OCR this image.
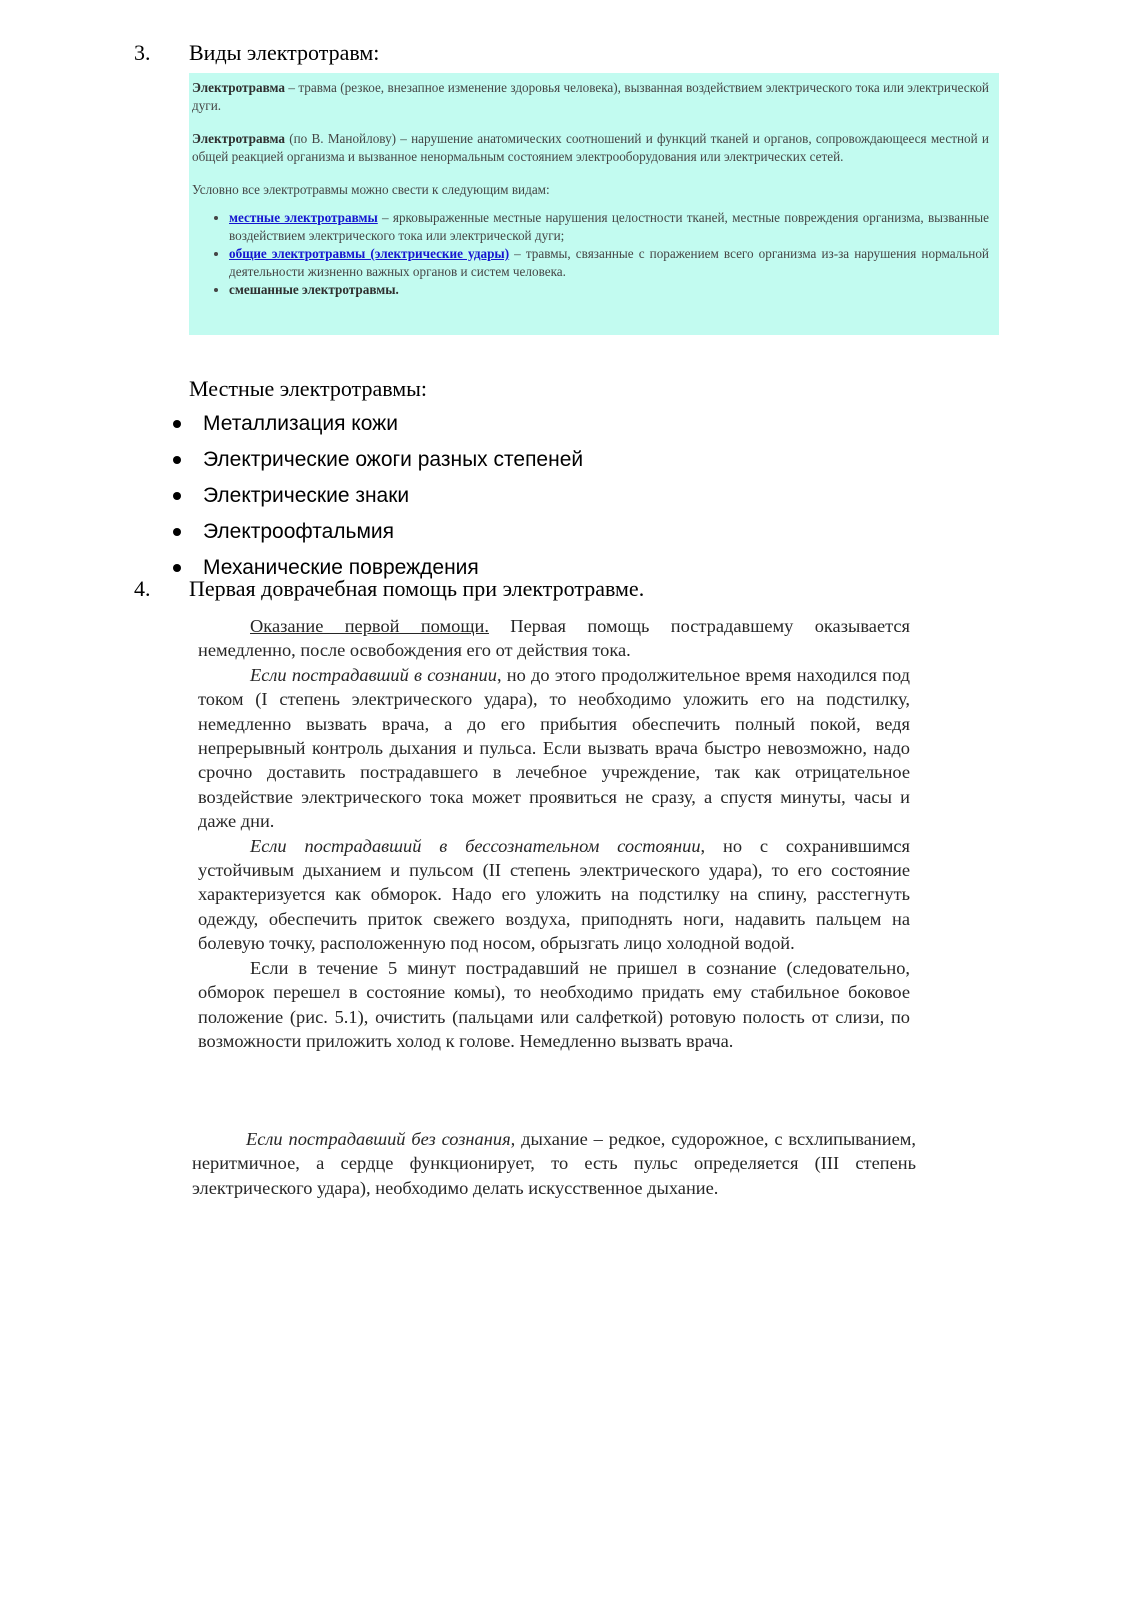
3. Виды электротравм:

Электротравма – травма (резкое, внезапное изменение здоровья человека), вызванная воздействием электрического тока или электрической дуги.

Электротравма (по В. Манойлову) – нарушение анатомических соотношений и функций тканей и органов, сопровождающееся местной и общей реакцией организма и вызванное ненормальным состоянием электрооборудования или электрических сетей.

Условно все электротравмы можно свести к следующим видам:

• местные электротравмы – ярковыраженные местные нарушения целостности тканей, местные повреждения организма, вызванные воздействием электрического тока или электрической дуги;
• общие электротравмы (электрические удары) – травмы, связанные с поражением всего организма из-за нарушения нормальной деятельности жизненно важных органов и систем человека.
• смешанные электротравмы.
Местные электротравмы:
Металлизация кожи
Электрические ожоги разных степеней
Электрические знаки
Электроофтальмия
Механические повреждения
4. Первая доврачебная помощь при электротравме.

Оказание первой помощи. Первая помощь пострадавшему оказывается немедленно, после освобождения его от действия тока.

Если пострадавший в сознании, но до этого продолжительное время находился под током (I степень электрического удара), то необходимо уложить его на подстилку, немедленно вызвать врача, а до его прибытия обеспечить полный покой, ведя непрерывный контроль дыхания и пульса. Если вызвать врача быстро невозможно, надо срочно доставить пострадавшего в лечебное учреждение, так как отрицательное воздействие электрического тока может проявиться не сразу, а спустя минуты, часы и даже дни.

Если пострадавший в бессознательном состоянии, но с сохранившимся устойчивым дыханием и пульсом (II степень электрического удара), то его состояние характеризуется как обморок. Надо его уложить на подстилку на спину, расстегнуть одежду, обеспечить приток свежего воздуха, приподнять ноги, надавить пальцем на болевую точку, расположенную под носом, обрызгать лицо холодной водой.

Если в течение 5 минут пострадавший не пришел в сознание (следовательно, обморок перешел в состояние комы), то необходимо придать ему стабильное боковое положение (рис. 5.1), очистить (пальцами или салфеткой) ротовую полость от слизи, по возможности приложить холод к голове. Немедленно вызвать врача.

Если пострадавший без сознания, дыхание – редкое, судорожное, с всхлипыванием, неритмичное, а сердце функционирует, то есть пульс определяется (III степень электрического удара), необходимо делать искусственное дыхание.
